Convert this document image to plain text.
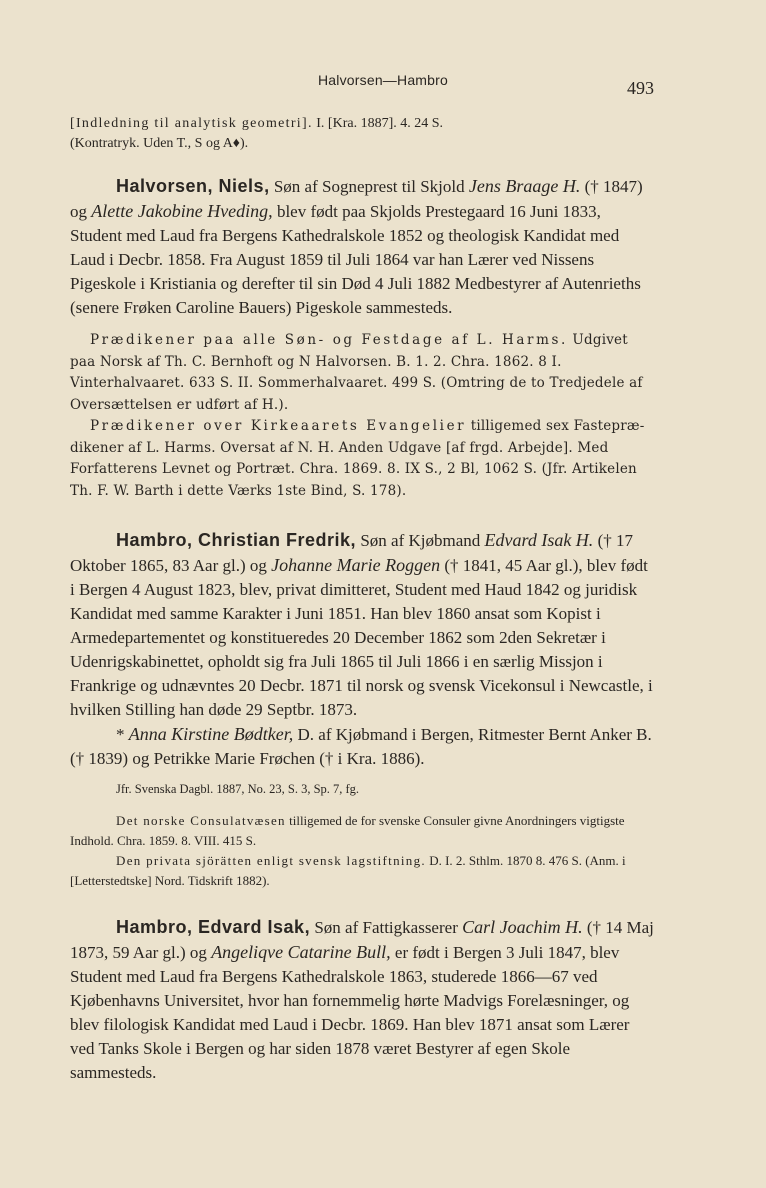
Halvorsen—Hambro	493

[Indledning til analytisk geometri]. I. [Kra. 1887]. 4. 24 S.
(Kontratryk. Uden T., S og A♦).

Halvorsen, Niels, Søn af Sogneprest til Skjold Jens Braage H. († 1847) og Alette Jakobine Hveding, blev født paa Skjolds Prestegaard 16 Juni 1833, Student med Laud fra Bergens Kathedralskole 1852 og theologisk Kandidat med Laud i Decbr. 1858. Fra August 1859 til Juli 1864 var han Lærer ved Nissens Pigeskole i Kristiania og derefter til sin Død 4 Juli 1882 Medbestyrer af Autenrieths (senere Frøken Caroline Bauers) Pigeskole sammesteds.

Prædikener paa alle Søn- og Festdage af L. Harms. Udgivet paa Norsk af Th. C. Bernhoft og N Halvorsen. B. 1. 2. Chra. 1862. 8 I. Vinterhalvaaret. 633 S. II. Sommerhalvaaret. 499 S. (Omtring de to Tredjedele af Oversættelsen er udført af H.).

Prædikener over Kirkeaarets Evangelier tilligemed sex Fastepræ-dikener af L. Harms. Oversat af N. H. Anden Udgave [af frgd. Arbejde]. Med Forfatterens Levnet og Portræt. Chra. 1869. 8. IX S., 2 Bl, 1062 S. (Jfr. Artikelen Th. F. W. Barth i dette Værks 1ste Bind, S. 178).

Hambro, Christian Fredrik, Søn af Kjøbmand Edvard Isak H. († 17 Oktober 1865, 83 Aar gl.) og Johanne Marie Roggen († 1841, 45 Aar gl.), blev født i Bergen 4 August 1823, blev, privat dimitteret, Student med Haud 1842 og juridisk Kandidat med samme Karakter i Juni 1851. Han blev 1860 ansat som Kopist i Armedepartementet og konstitueredes 20 December 1862 som 2den Sekretær i Udenrigskabinettet, opholdt sig fra Juli 1865 til Juli 1866 i en særlig Missjon i Frankrige og udnævntes 20 Decbr. 1871 til norsk og svensk Vicekonsul i Newcastle, i hvilken Stilling han døde 29 Septbr. 1873.

* Anna Kirstine Bødtker, D. af Kjøbmand i Bergen, Ritmester Bernt Anker B. († 1839) og Petrikke Marie Frøchen († i Kra. 1886).

Jfr. Svenska Dagbl. 1887, No. 23, S. 3, Sp. 7, fg.

Det norske Consulatvæsen tilligemed de for svenske Consuler givne Anordningers vigtigste Indhold. Chra. 1859. 8. VIII. 415 S.

Den privata sjörätten enligt svensk lagstiftning. D. I. 2. Sthlm. 1870 8. 476 S. (Anm. i [Letterstedtske] Nord. Tidskrift 1882).

Hambro, Edvard Isak, Søn af Fattigkasserer Carl Joachim H. († 14 Maj 1873, 59 Aar gl.) og Angeliqve Catarine Bull, er født i Bergen 3 Juli 1847, blev Student med Laud fra Bergens Kathedralskole 1863, studerede 1866—67 ved Kjøbenhavns Universitet, hvor han fornemmelig hørte Madvigs Forelæsninger, og blev filologisk Kandidat med Laud i Decbr. 1869. Han blev 1871 ansat som Lærer ved Tanks Skole i Bergen og har siden 1878 været Bestyrer af egen Skole sammesteds.
